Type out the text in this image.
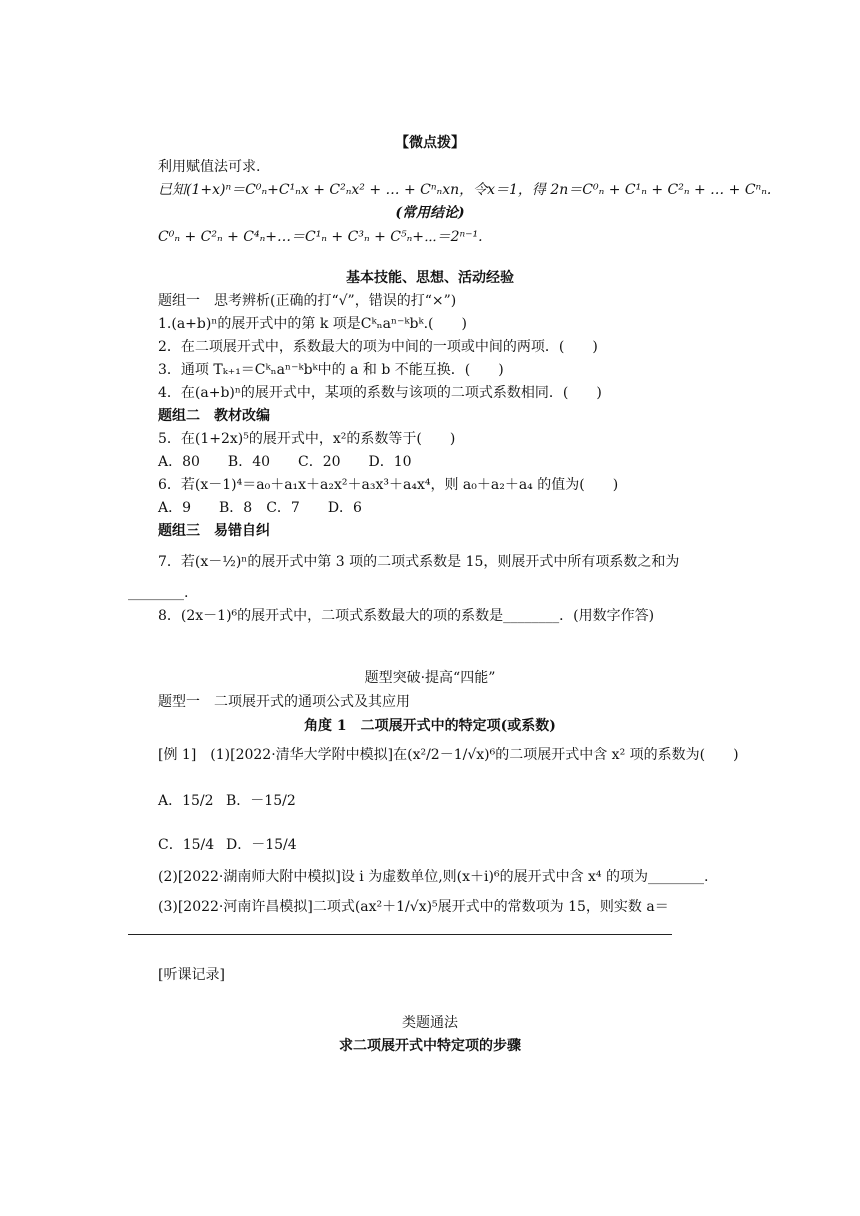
【微点拨】
利用赋值法可求.
已知(1+x)ⁿ＝C⁰ₙ+C¹ₙx + C²ₙx² + … + Cⁿₙxn，令x＝1，得 2n＝C⁰ₙ + C¹ₙ + C²ₙ + … + Cⁿₙ.
(常用结论)
C⁰ₙ + C²ₙ + C⁴ₙ+…＝C¹ₙ + C³ₙ + C⁵ₙ+⋯＝2ⁿ⁻¹.
基本技能、思想、活动经验
题组一　思考辨析(正确的打“√”，错误的打“×”)
1.(a+b)ⁿ的展开式中的第 k 项是Cᵏₙaⁿ⁻ᵏbᵏ.(　　)
2．在二项展开式中，系数最大的项为中间的一项或中间的两项．(　　)
3．通项 Tₖ₊₁＝Cᵏₙaⁿ⁻ᵏbᵏ中的 a 和 b 不能互换．(　　)
4．在(a+b)ⁿ的展开式中，某项的系数与该项的二项式系数相同．(　　)
题组二　教材改编
5．在(1+2x)⁵的展开式中，x²的系数等于(　　)
A．80　　B．40　　C．20　　D．10
6．若(x－1)⁴＝a₀＋a₁x＋a₂x²＋a₃x³＋a₄x⁴，则 a₀＋a₂＋a₄ 的值为(　　)
A．9　　B．8　C．7　　D．6
题组三　易错自纠
7．若(x－½)ⁿ的展开式中第 3 项的二项式系数是 15，则展开式中所有项系数之和为
________.
8．(2x－1)⁶的展开式中，二项式系数最大的项的系数是________．(用数字作答)
题型突破·提高“四能”
题型一　二项展开式的通项公式及其应用
角度 1　二项展开式中的特定项(或系数)
[例 1]　(1)[2022·清华大学附中模拟]在(x²/2－1/√x)⁶的二项展开式中含 x² 项的系数为(　　)
A．15/2 B．－15/2
C．15/4 D．－15/4
(2)[2022·湖南师大附中模拟]设 i 为虚数单位,则(x＋i)⁶的展开式中含 x⁴ 的项为________.
(3)[2022·河南许昌模拟]二项式(ax²＋1/√x)⁵展开式中的常数项为 15，则实数 a＝
[听课记录]
类题通法
求二项展开式中特定项的步骤
